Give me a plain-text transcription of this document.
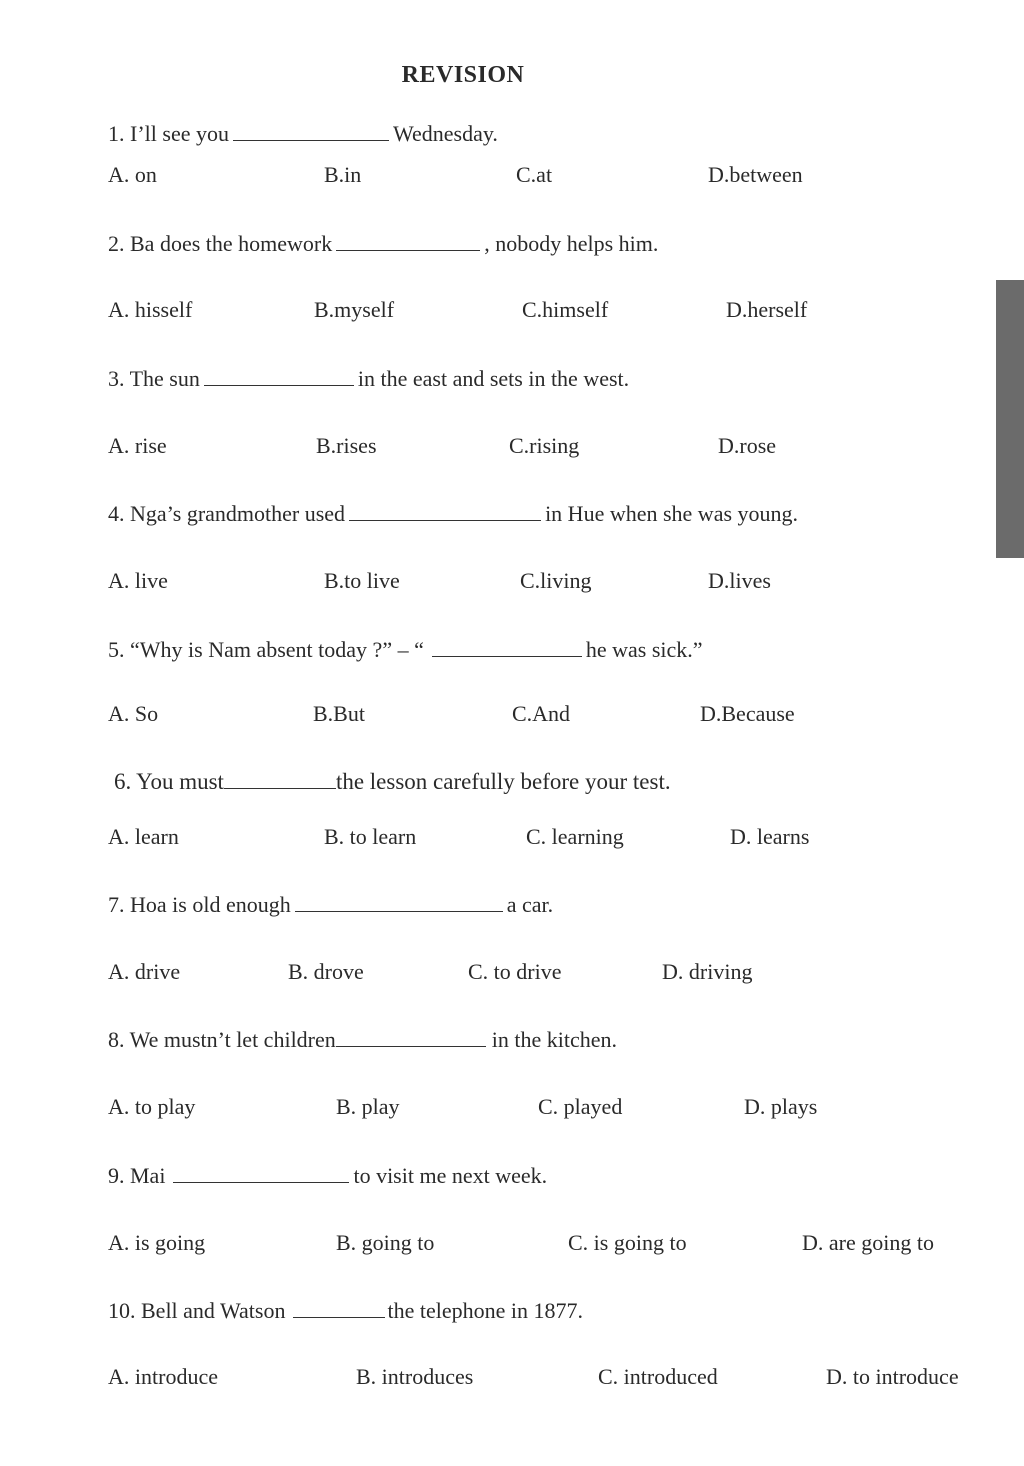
REVISION
1. I’ll see you	Wednesday.
A. on	B.in	C.at	D.between
2. Ba does the homework	, nobody helps him.
A. hisself	B.myself	C.himself	D.herself
3. The sun	in the east and sets in the west.
A. rise	B.rises	C.rising	D.rose
4. Nga’s grandmother used	in Hue when she was young.
A. live	B.to live	C.living	D.lives
5. “Why is Nam absent today ?” – “	he was sick.”
A. So	B.But	C.And	D.Because
6. You must	the lesson carefully before your test.
A. learn	B. to learn	C. learning	D. learns
7. Hoa is old enough	a car.
A. drive	B. drove	C. to drive	D. driving
8. We mustn’t let children	in the kitchen.
A. to play	B. play	C. played	D. plays
9. Mai	to visit me next week.
A. is going	B. going to	C. is going to	D. are going to
10. Bell and Watson	the telephone in 1877.
A. introduce	B. introduces	C. introduced	D. to introduce
